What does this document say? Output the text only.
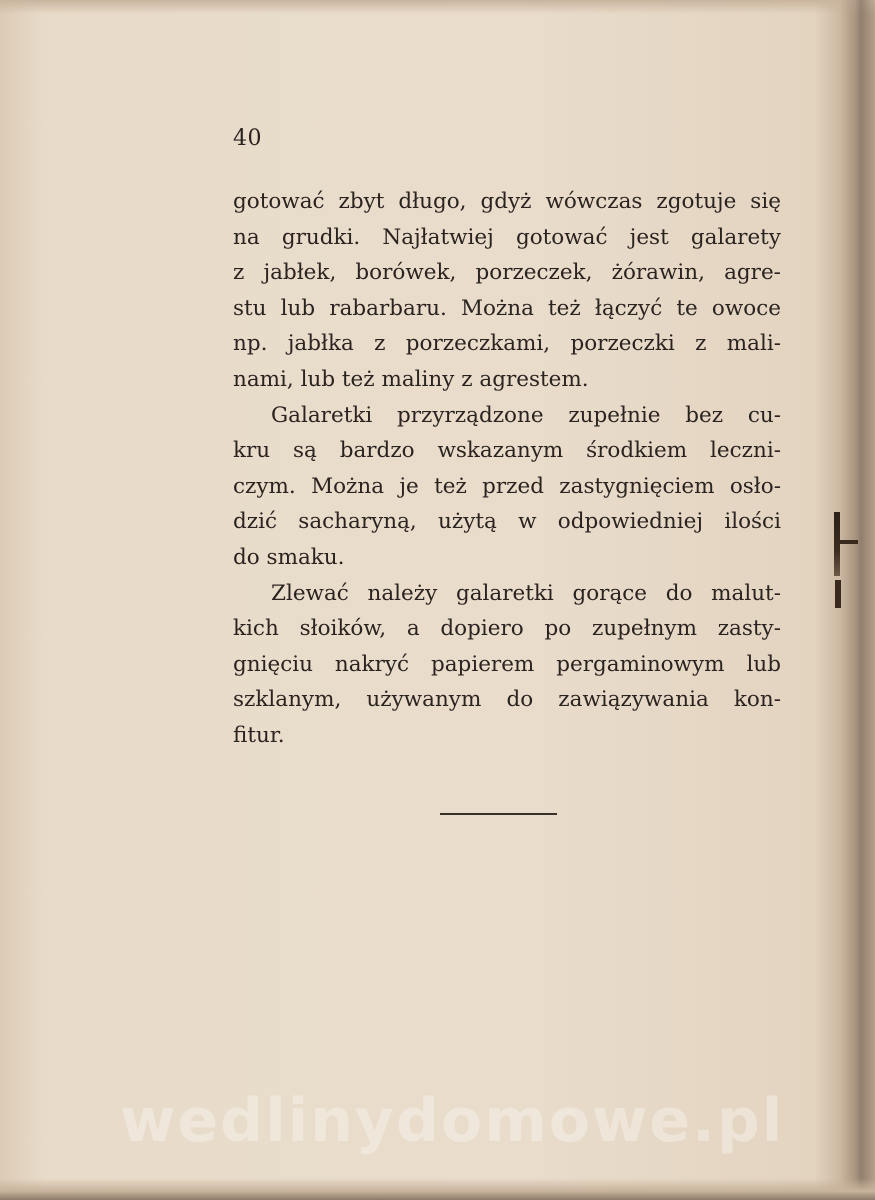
40
gotować zbyt długo, gdyż wówczas zgotuje się
na grudki. Najłatwiej gotować jest galarety
z jabłek, borówek, porzeczek, żórawin, agre-
stu lub rabarbaru. Można też łączyć te owoce
np. jabłka z porzeczkami, porzeczki z mali-
nami, lub też maliny z agrestem.
Galaretki przyrządzone zupełnie bez cu-
kru są bardzo wskazanym środkiem leczni-
czym. Można je też przed zastygnięciem osło-
dzić sacharyną, użytą w odpowiedniej ilości
do smaku.
Zlewać należy galaretki gorące do malut-
kich słoików, a dopiero po zupełnym zasty-
gnięciu nakryć papierem pergaminowym lub
szklanym, używanym do zawiązywania kon-
fitur.
wedlinydomowe.pl
